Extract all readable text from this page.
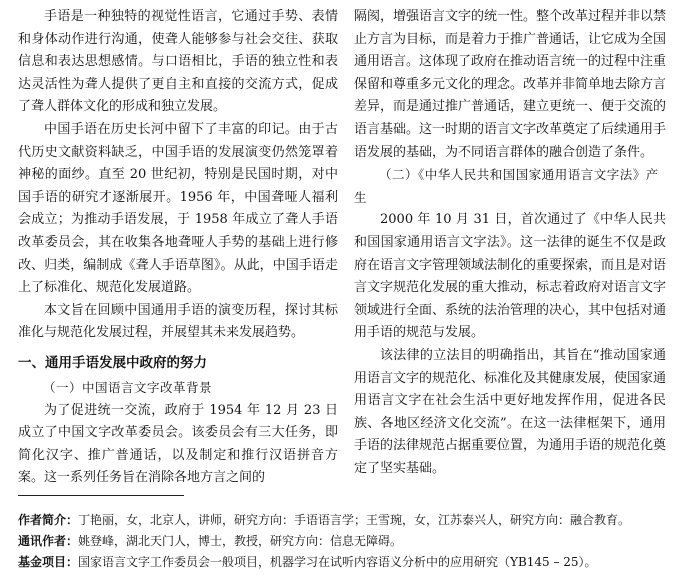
手语是一种独特的视觉性语言，它通过手势、表情和身体动作进行沟通，使聋人能够参与社会交往、获取信息和表达思想感情。与口语相比，手语的独立性和表达灵活性为聋人提供了更自主和直接的交流方式，促成了聋人群体文化的形成和独立发展。

中国手语在历史长河中留下了丰富的印记。由于古代历史文献资料缺乏，中国手语的发展演变仍然笼罩着神秘的面纱。直至 20 世纪初，特别是民国时期，对中国手语的研究才逐渐展开。1956 年，中国聋哑人福利会成立；为推动手语发展，于 1958 年成立了聋人手语改革委员会，其在收集各地聋哑人手势的基础上进行修改、归类，编制成《聋人手语草图》。从此，中国手语走上了标准化、规范化发展道路。

本文旨在回顾中国通用手语的演变历程，探讨其标准化与规范化发展过程，并展望其未来发展趋势。

一、通用手语发展中政府的努力

（一）中国语言文字改革背景

为了促进统一交流，政府于 1954 年 12 月 23 日成立了中国文字改革委员会。该委员会有三大任务，即简化汉字、推广普通话，以及制定和推行汉语拼音方案。这一系列任务旨在消除各地方言之间的

隔阂，增强语言文字的统一性。整个改革过程并非以禁止方言为目标，而是着力于推广普通话，让它成为全国通用语言。这体现了政府在推动语言统一的过程中注重保留和尊重多元文化的理念。改革并非简单地去除方言差异，而是通过推广普通话，建立更统一、便于交流的语言基础。这一时期的语言文字改革奠定了后续通用手语发展的基础，为不同语言群体的融合创造了条件。

（二）《中华人民共和国国家通用语言文字法》产生

2000 年 10 月 31 日，首次通过了《中华人民共和国国家通用语言文字法》。这一法律的诞生不仅是政府在语言文字管理领域法制化的重要探索，而且是对语言文字规范化发展的重大推动，标志着政府对语言文字领域进行全面、系统的法治管理的决心，其中包括对通用手语的规范与发展。

该法律的立法目的明确指出，其旨在“推动国家通用语言文字的规范化、标准化及其健康发展，使国家通用语言文字在社会生活中更好地发挥作用，促进各民族、各地区经济文化交流”。在这一法律框架下，通用手语的法律规范占据重要位置，为通用手语的规范化奠定了坚实基础。

作者简介：丁艳丽，女，北京人，讲师，研究方向：手语语言学；王雪琬，女，江苏泰兴人，研究方向：融合教育。

通讯作者：姚登峰，湖北天门人，博士，教授，研究方向：信息无障碍。

基金项目：国家语言文字工作委员会一般项目，机器学习在试听内容语义分析中的应用研究（YB145 – 25）。
